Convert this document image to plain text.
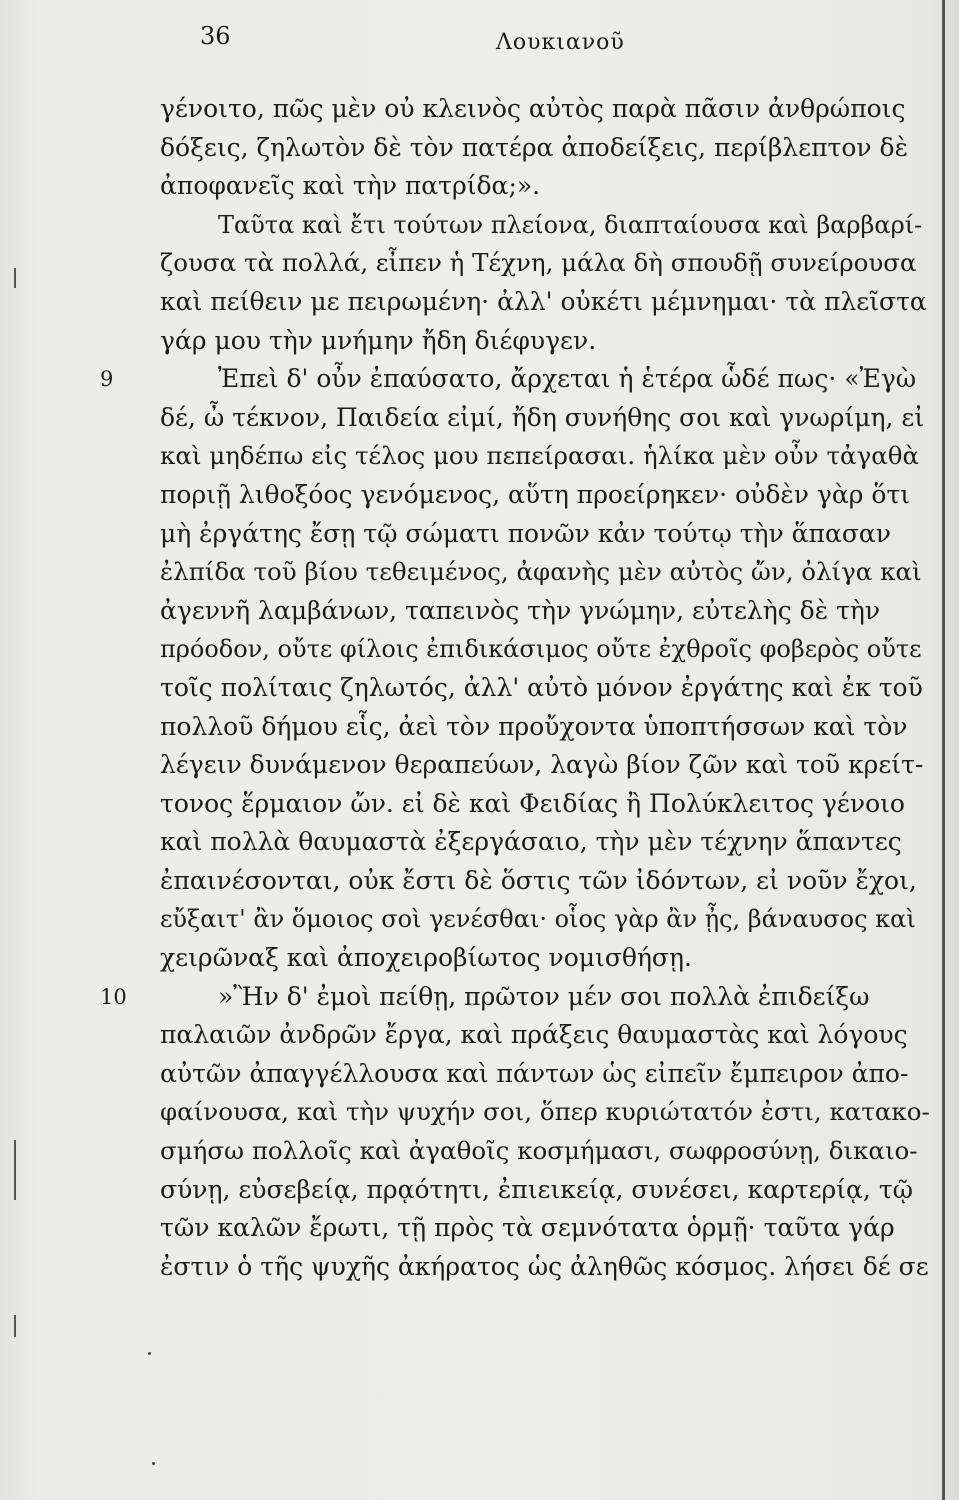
36	Λουκιανοῦ
γένοιτο, πῶς μὲν οὐ κλεινὸς αὐτὸς παρὰ πᾶσιν ἀνθρώποις
δόξεις, ζηλωτὸν δὲ τὸν πατέρα ἀποδείξεις, περίβλεπτον δὲ
ἀποφανεῖς καὶ τὴν πατρίδα;».
Ταῦτα καὶ ἔτι τούτων πλείονα, διαπταίουσα καὶ βαρβαρί-
ζουσα τὰ πολλά, εἶπεν ἡ Τέχνη, μάλα δὴ σπουδῇ συνείρουσα
καὶ πείθειν με πειρωμένη· ἀλλ' οὐκέτι μέμνημαι· τὰ πλεῖστα
γάρ μου τὴν μνήμην ἤδη διέφυγεν.
9	Ἐπεὶ δ' οὖν ἐπαύσατο, ἄρχεται ἡ ἑτέρα ὧδέ πως· «Ἐγὼ
δέ, ὦ τέκνον, Παιδεία εἰμί, ἤδη συνήθης σοι καὶ γνωρίμη, εἰ
καὶ μηδέπω εἰς τέλος μου πεπείρασαι. ἡλίκα μὲν οὖν τἀγαθὰ
ποριῇ λιθοξόος γενόμενος, αὕτη προείρηκεν· οὐδὲν γὰρ ὅτι
μὴ ἐργάτης ἔσῃ τῷ σώματι πονῶν κἀν τούτῳ τὴν ἅπασαν
ἐλπίδα τοῦ βίου τεθειμένος, ἀφανὴς μὲν αὐτὸς ὤν, ὀλίγα καὶ
ἀγεννῆ λαμβάνων, ταπεινὸς τὴν γνώμην, εὐτελὴς δὲ τὴν
πρόοδον, οὔτε φίλοις ἐπιδικάσιμος οὔτε ἐχθροῖς φοβερὸς οὔτε
τοῖς πολίταις ζηλωτός, ἀλλ' αὐτὸ μόνον ἐργάτης καὶ ἐκ τοῦ
πολλοῦ δήμου εἷς, ἀεὶ τὸν προὔχοντα ὑποπτήσσων καὶ τὸν
λέγειν δυνάμενον θεραπεύων, λαγὼ βίον ζῶν καὶ τοῦ κρείτ-
τονος ἕρμαιον ὤν. εἰ δὲ καὶ Φειδίας ἢ Πολύκλειτος γένοιο
καὶ πολλὰ θαυμαστὰ ἐξεργάσαιο, τὴν μὲν τέχνην ἅπαντες
ἐπαινέσονται, οὐκ ἔστι δὲ ὅστις τῶν ἰδόντων, εἰ νοῦν ἔχοι,
εὔξαιτ' ἂν ὅμοιος σοὶ γενέσθαι· οἷος γὰρ ἂν ᾖς, βάναυσος καὶ
χειρῶναξ καὶ ἀποχειροβίωτος νομισθήσῃ.
10	»Ἢν δ' ἐμοὶ πείθῃ, πρῶτον μέν σοι πολλὰ ἐπιδείξω
παλαιῶν ἀνδρῶν ἔργα, καὶ πράξεις θαυμαστὰς καὶ λόγους
αὐτῶν ἀπαγγέλλουσα καὶ πάντων ὡς εἰπεῖν ἔμπειρον ἀπο-
φαίνουσα, καὶ τὴν ψυχήν σοι, ὅπερ κυριώτατόν ἐστι, κατακο-
σμήσω πολλοῖς καὶ ἀγαθοῖς κοσμήμασι, σωφροσύνῃ, δικαιο-
σύνῃ, εὐσεβείᾳ, πρᾳότητι, ἐπιεικείᾳ, συνέσει, καρτερίᾳ, τῷ
τῶν καλῶν ἔρωτι, τῇ πρὸς τὰ σεμνότατα ὁρμῇ· ταῦτα γάρ
ἐστιν ὁ τῆς ψυχῆς ἀκήρατος ὡς ἀληθῶς κόσμος. λήσει δέ σε
